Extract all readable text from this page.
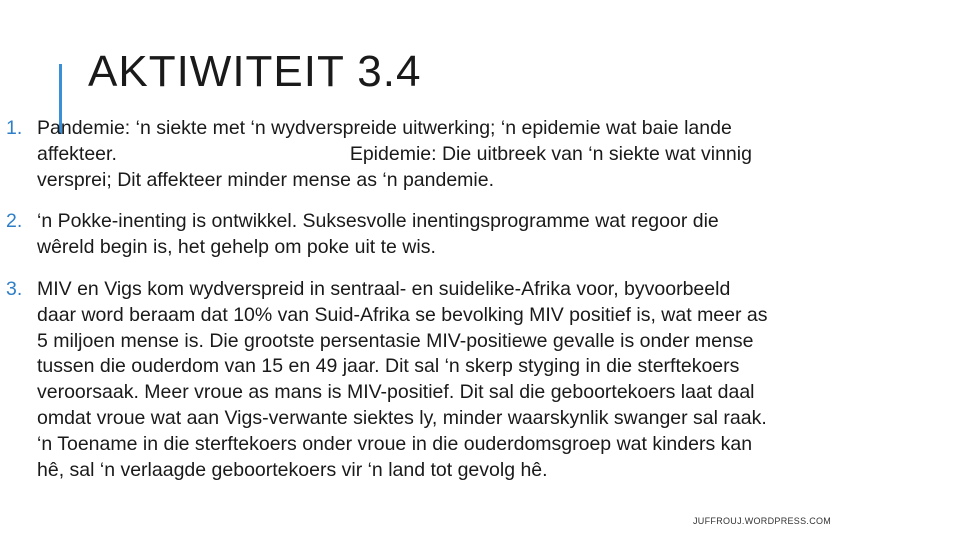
AKTIWITEIT 3.4
1. Pandemie: ‘n siekte met ‘n wydverspreide uitwerking; ‘n epidemie wat baie lande
affekteer.                                           Epidemie: Die uitbreek van ‘n siekte wat vinnig
versprei; Dit affekteer minder mense as ‘n pandemie.
2. ‘n Pokke-inenting is ontwikkel. Suksesvolle inentingsprogramme wat regoor die
wêreld begin is, het gehelp om poke uit te wis.
3. MIV en Vigs kom wydverspreid in sentraal- en suidelike-Afrika voor, byvoorbeeld
daar word beraam dat 10% van Suid-Afrika se bevolking MIV positief is, wat meer as
5 miljoen mense is. Die grootste persentasie MIV-positiewe gevalle is onder mense
tussen die ouderdom van 15 en 49 jaar. Dit sal ‘n skerp styging in die sterftekoers
veroorsaak. Meer vroue as mans is MIV-positief. Dit sal die geboortekoers laat daal
omdat vroue wat aan Vigs-verwante siektes ly, minder waarskynlik swanger sal raak.
‘n Toename in die sterftekoers onder vroue in die ouderdomsgroep wat kinders kan
hê, sal ‘n verlaagde geboortekoers vir ‘n land tot gevolg hê.
JUFFROUJ.WORDPRESS.COM
